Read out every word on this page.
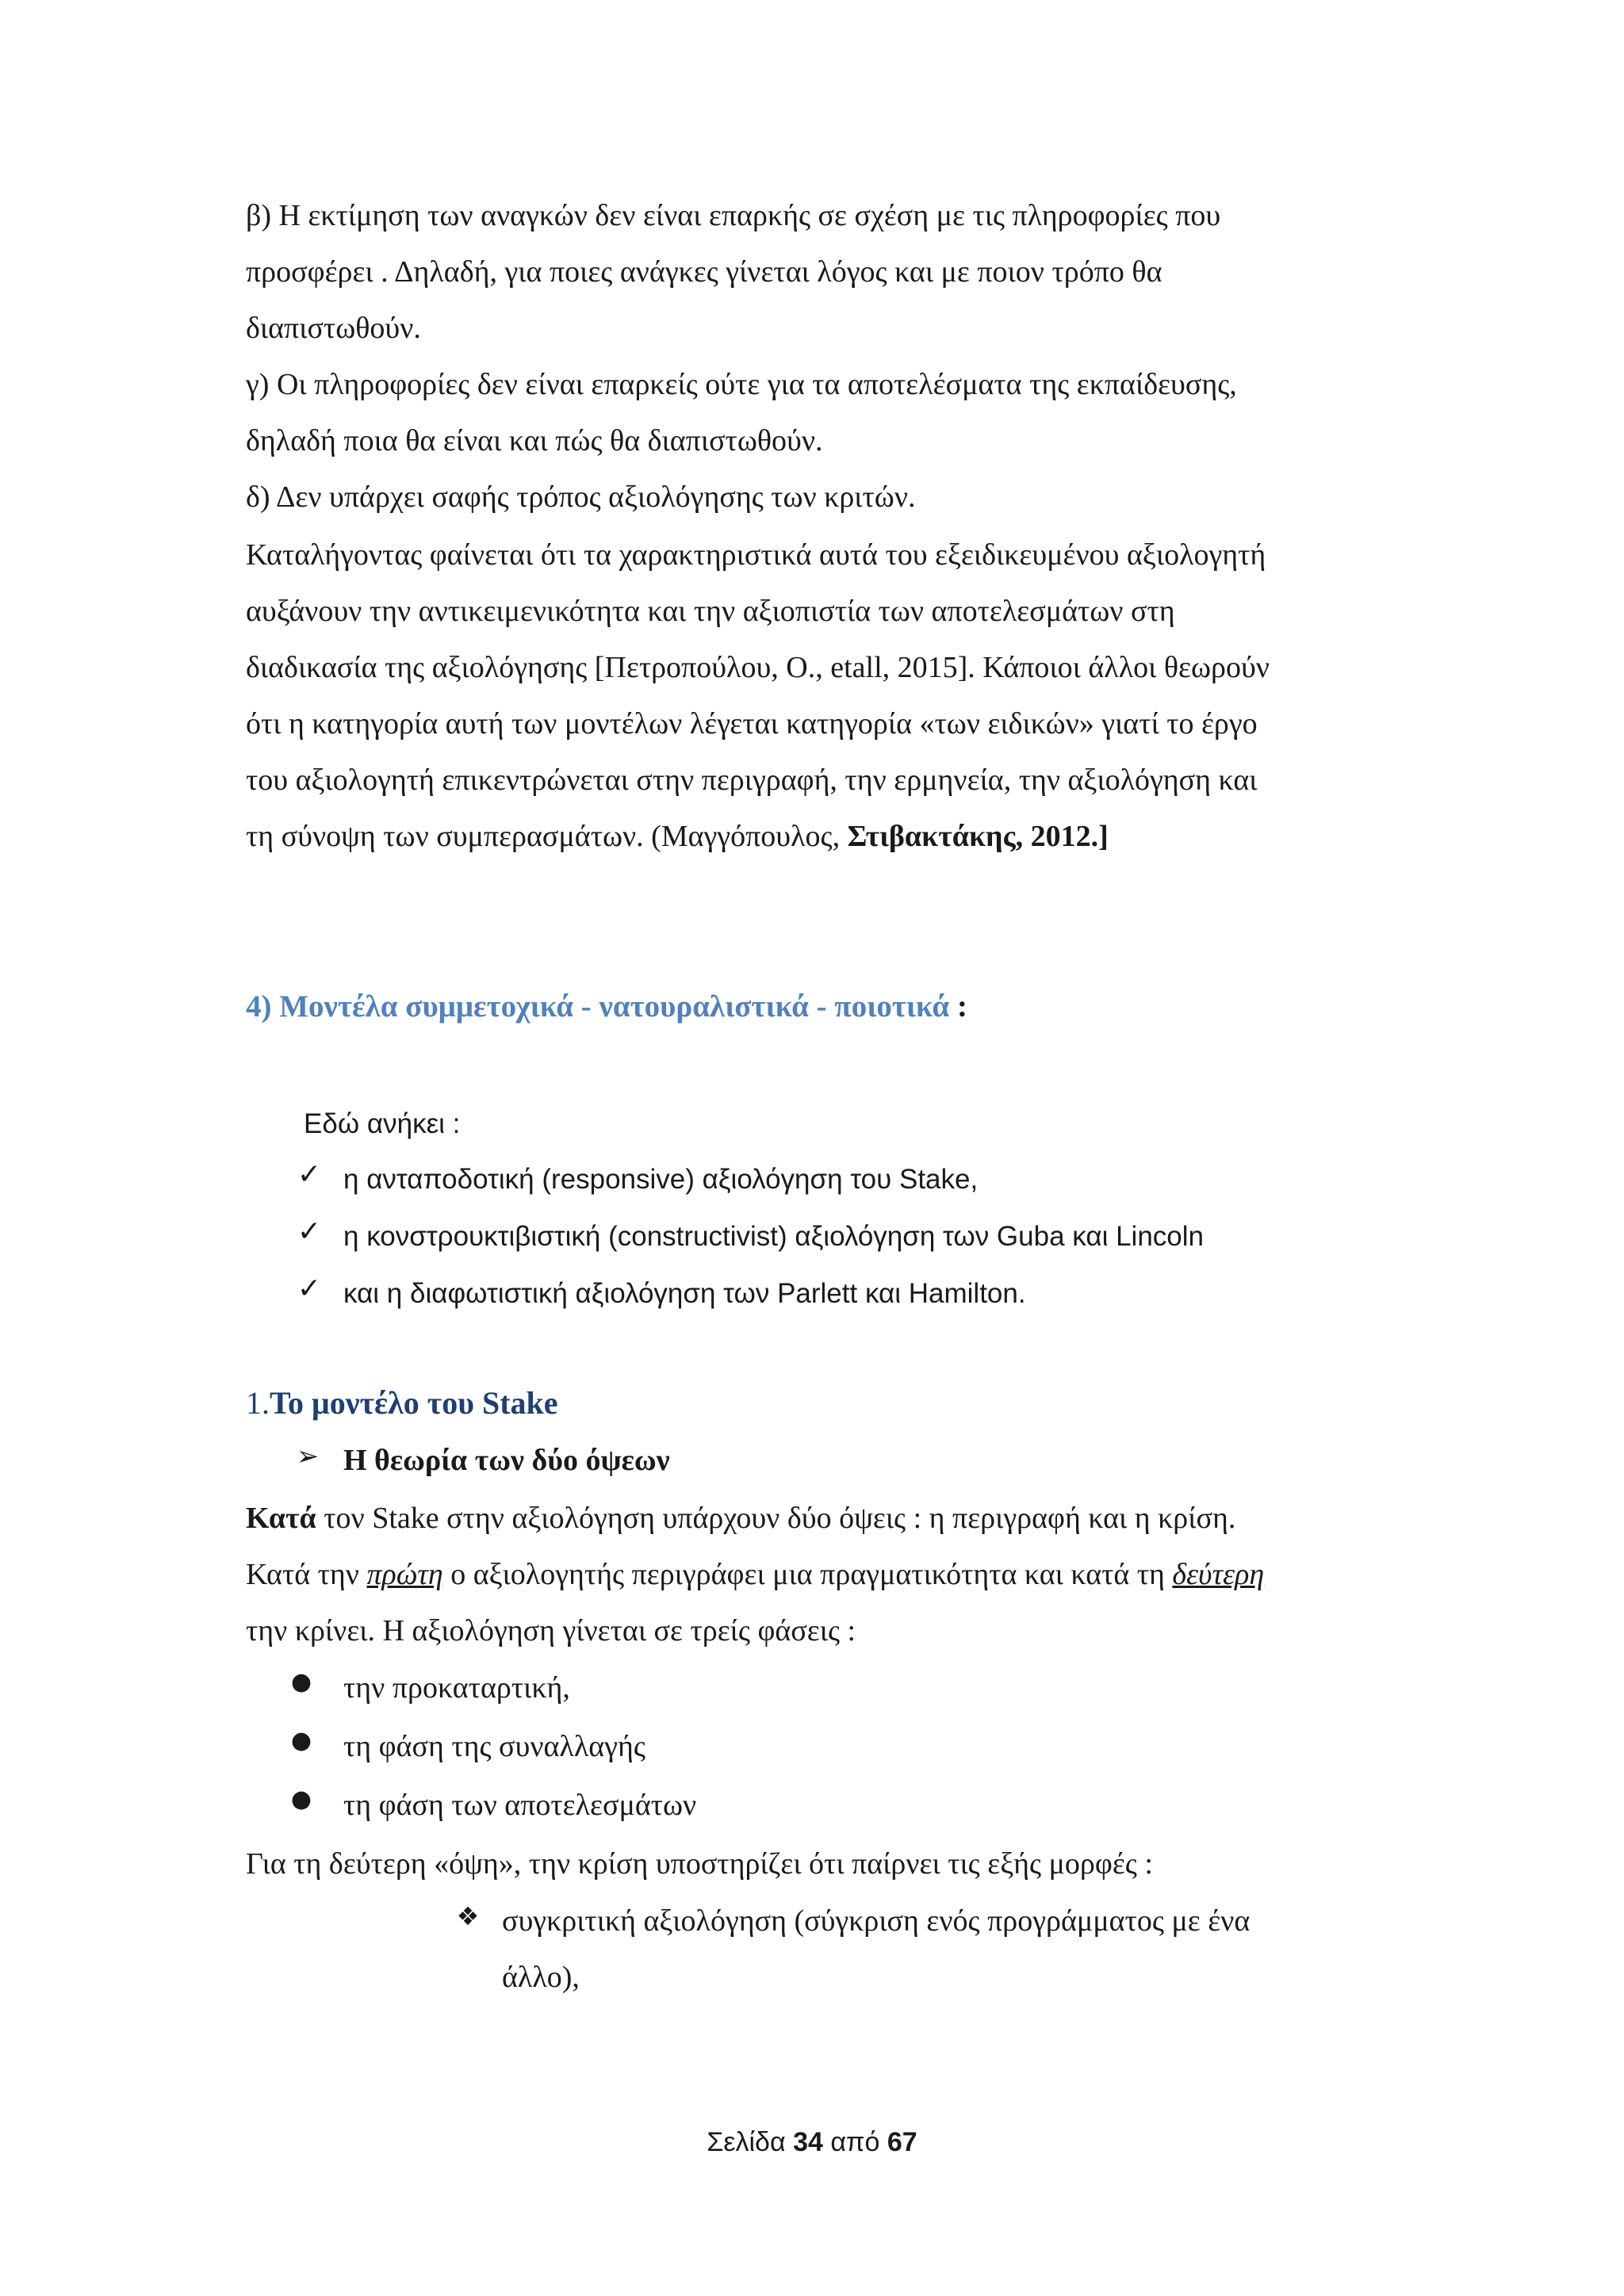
β) Η εκτίμηση των αναγκών δεν είναι επαρκής σε σχέση με τις πληροφορίες που
προσφέρει . Δηλαδή, για ποιες ανάγκες γίνεται λόγος και με ποιον τρόπο θα
διαπιστωθούν.
γ) Οι πληροφορίες δεν είναι επαρκείς ούτε για τα αποτελέσματα της εκπαίδευσης,
δηλαδή ποια θα είναι και πώς θα διαπιστωθούν.
δ) Δεν υπάρχει σαφής τρόπος αξιολόγησης των κριτών.
Καταλήγοντας φαίνεται ότι τα χαρακτηριστικά αυτά του εξειδικευμένου αξιολογητή
αυξάνουν την αντικειμενικότητα και την αξιοπιστία των αποτελεσμάτων στη
διαδικασία της αξιολόγησης [Πετροπούλου, Ο., etall, 2015]. Κάποιοι άλλοι θεωρούν
ότι η κατηγορία αυτή των μοντέλων λέγεται κατηγορία «των ειδικών» γιατί το έργο
του αξιολογητή επικεντρώνεται στην περιγραφή, την ερμηνεία, την αξιολόγηση και
τη σύνοψη των συμπερασμάτων. (Μαγγόπουλος, Στιβακτάκης, 2012.]
4) Μοντέλα συμμετοχικά - νατουραλιστικά - ποιοτικά :
Εδώ ανήκει :
✓ η ανταποδοτική (responsive) αξιολόγηση του Stake,
✓ η κονστρουκτιβιστική (constructivist) αξιολόγηση των Guba και Lincoln
✓ και η διαφωτιστική αξιολόγηση των Parlett και Hamilton.
1.Το μοντέλο του Stake
➢ Η θεωρία των δύο όψεων
Κατά τον Stake στην αξιολόγηση υπάρχουν δύο όψεις : η περιγραφή και η κρίση.
Κατά την πρώτη ο αξιολογητής περιγράφει μια πραγματικότητα και κατά τη δεύτερη
την κρίνει. Η αξιολόγηση γίνεται σε τρείς φάσεις :
● την προκαταρτική,
● τη φάση της συναλλαγής
● τη φάση των αποτελεσμάτων
Για τη δεύτερη «όψη», την κρίση υποστηρίζει ότι παίρνει τις εξής μορφές :
❖ συγκριτική αξιολόγηση (σύγκριση ενός προγράμματος με ένα
άλλο),
Σελίδα 34 από 67
